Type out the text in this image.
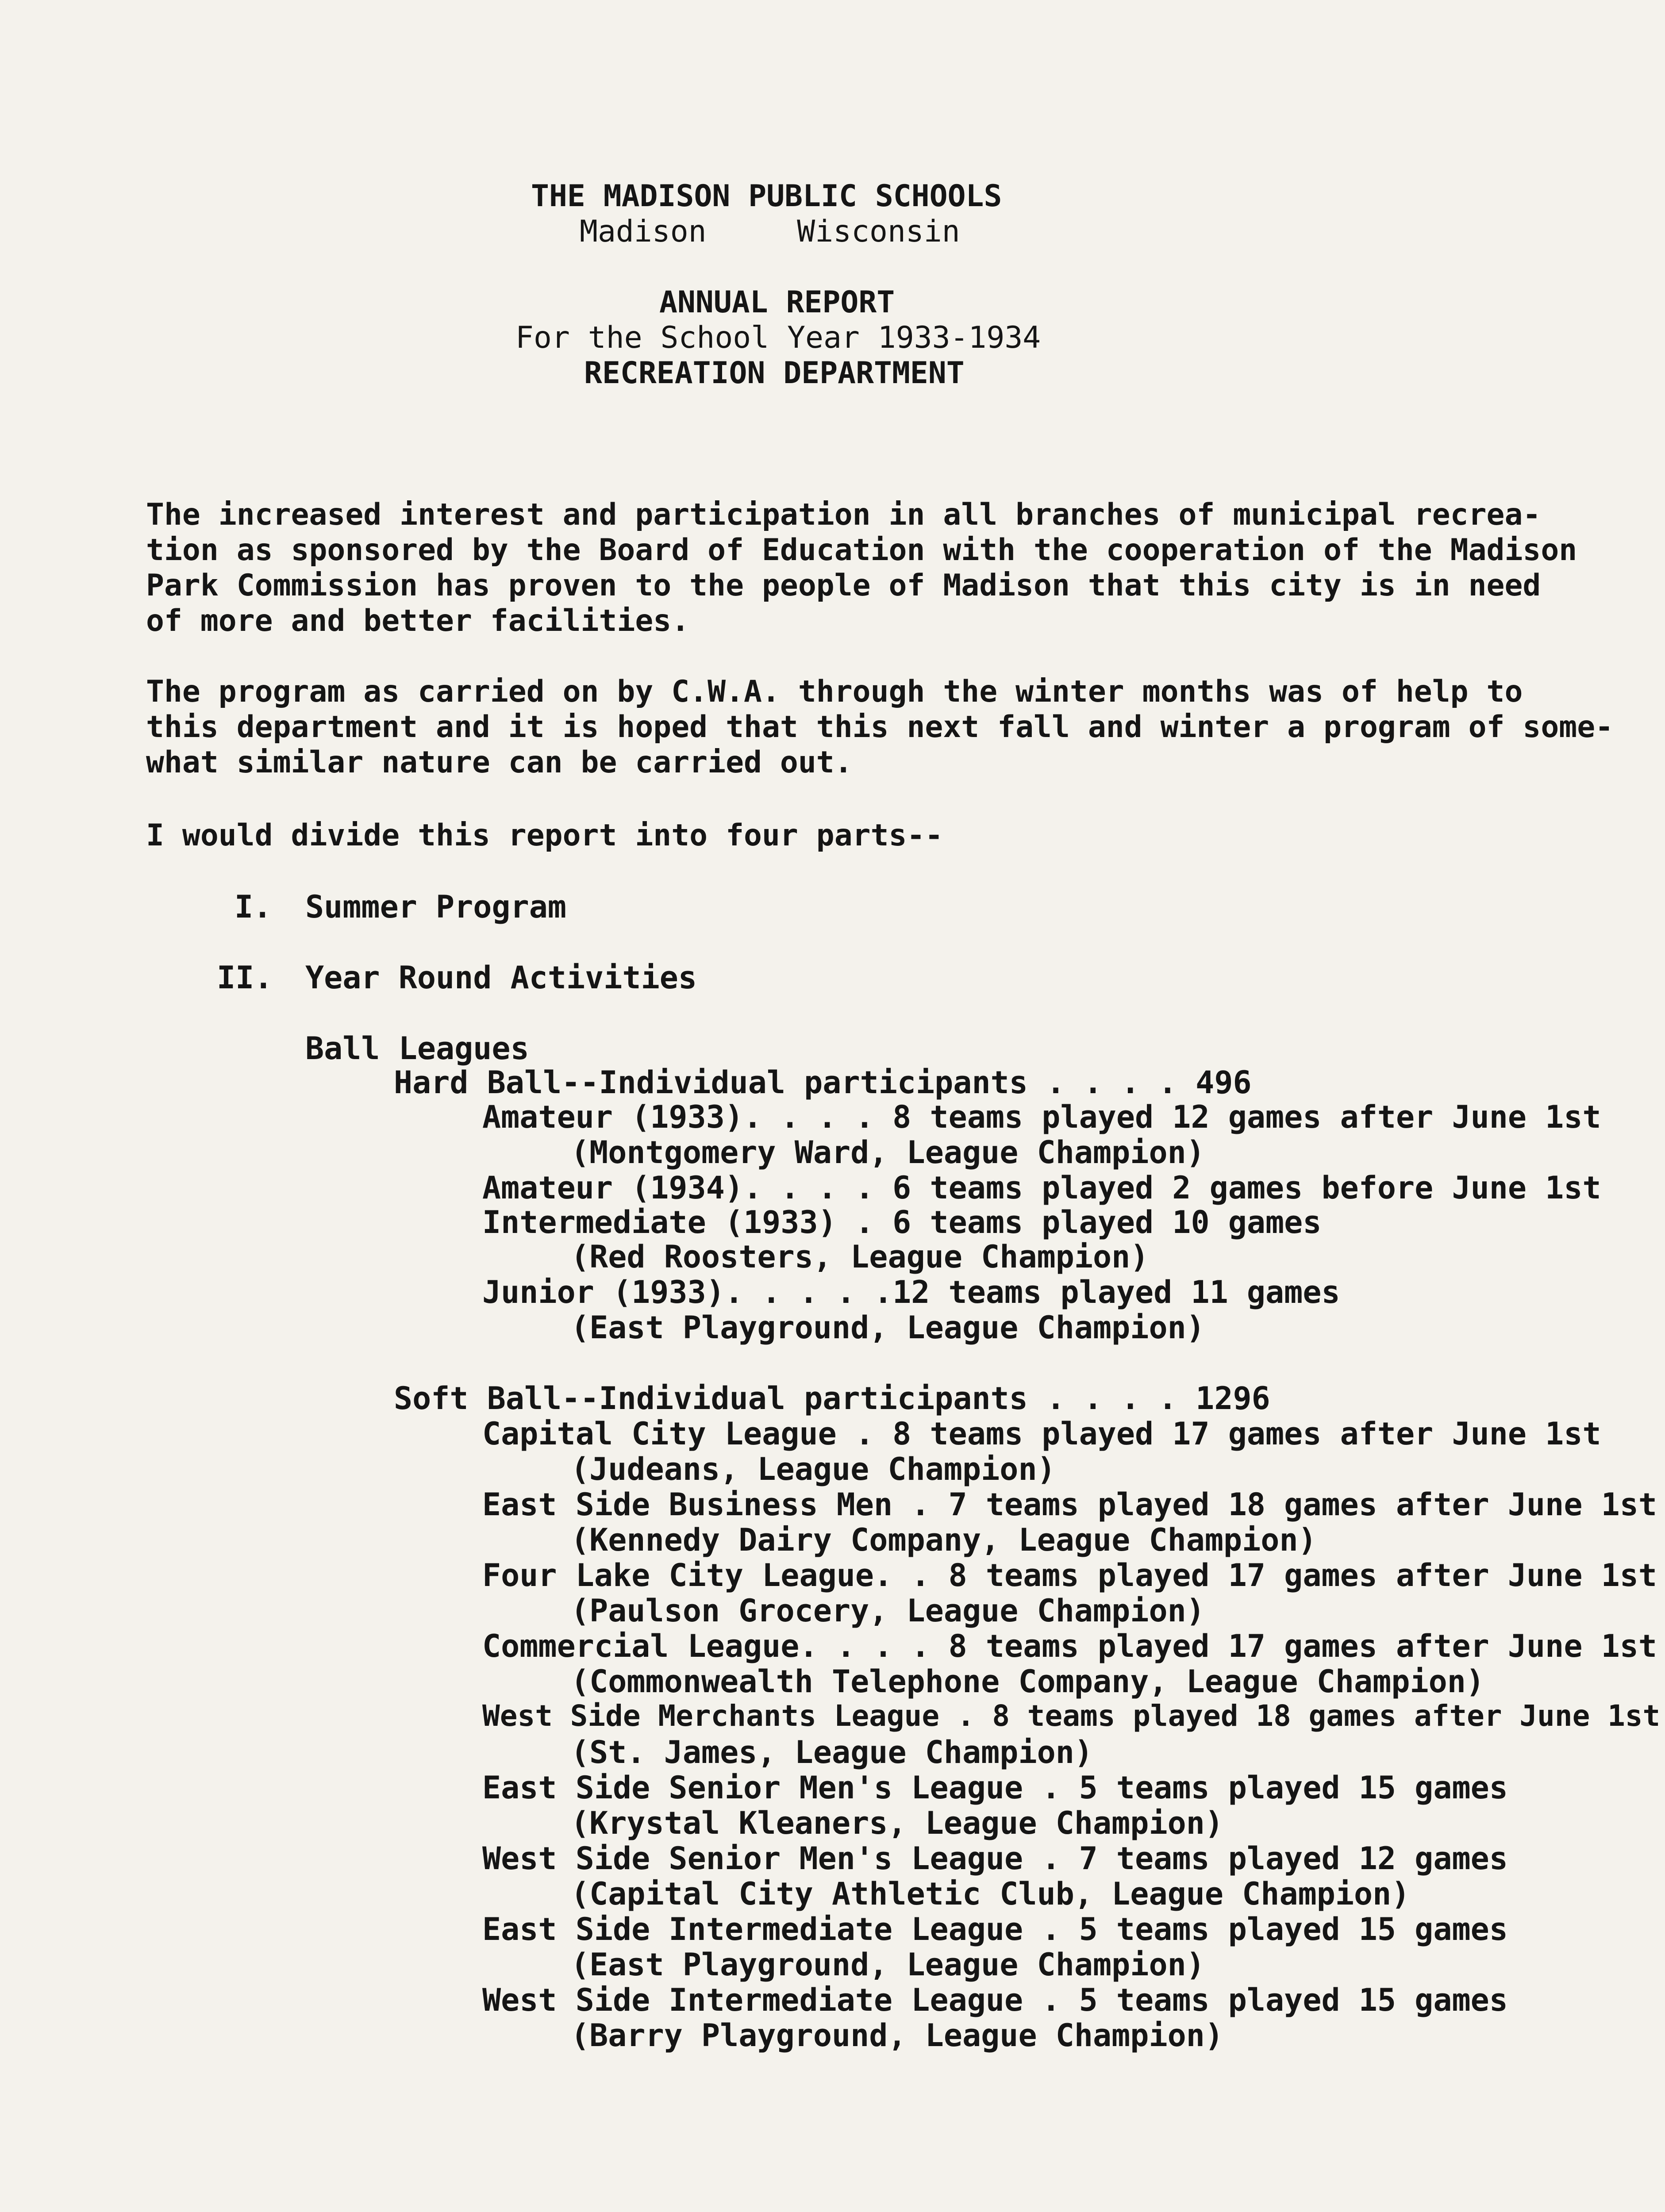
THE MADISON PUBLIC SCHOOLS
Madison     Wisconsin
ANNUAL REPORT
For the School Year 1933-1934
RECREATION DEPARTMENT
The increased interest and participation in all branches of municipal recrea-
tion as sponsored by the Board of Education with the cooperation of the Madison
Park Commission has proven to the people of Madison that this city is in need
of more and better facilities.
The program as carried on by C.W.A. through the winter months was of help to
this department and it is hoped that this next fall and winter a program of some-
what similar nature can be carried out.
I would divide this report into four parts--
I. Summer Program
II. Year Round Activities
Ball Leagues
Hard Ball--Individual participants . . . . 496
Amateur (1933). . . . 8 teams played 12 games after June 1st
(Montgomery Ward, League Champion)
Amateur (1934). . . . 6 teams played 2 games before June 1st
Intermediate (1933) . 6 teams played 10 games
(Red Roosters, League Champion)
Junior (1933). . . . .12 teams played 11 games
(East Playground, League Champion)
Soft Ball--Individual participants . . . . 1296
Capital City League . 8 teams played 17 games after June 1st
(Judeans, League Champion)
East Side Business Men . 7 teams played 18 games after June 1st
(Kennedy Dairy Company, League Champion)
Four Lake City League. . 8 teams played 17 games after June 1st
(Paulson Grocery, League Champion)
Commercial League. . . . 8 teams played 17 games after June 1st
(Commonwealth Telephone Company, League Champion)
West Side Merchants League . 8 teams played 18 games after June 1st
(St. James, League Champion)
East Side Senior Men's League . 5 teams played 15 games
(Krystal Kleaners, League Champion)
West Side Senior Men's League . 7 teams played 12 games
(Capital City Athletic Club, League Champion)
East Side Intermediate League . 5 teams played 15 games
(East Playground, League Champion)
West Side Intermediate League . 5 teams played 15 games
(Barry Playground, League Champion)
